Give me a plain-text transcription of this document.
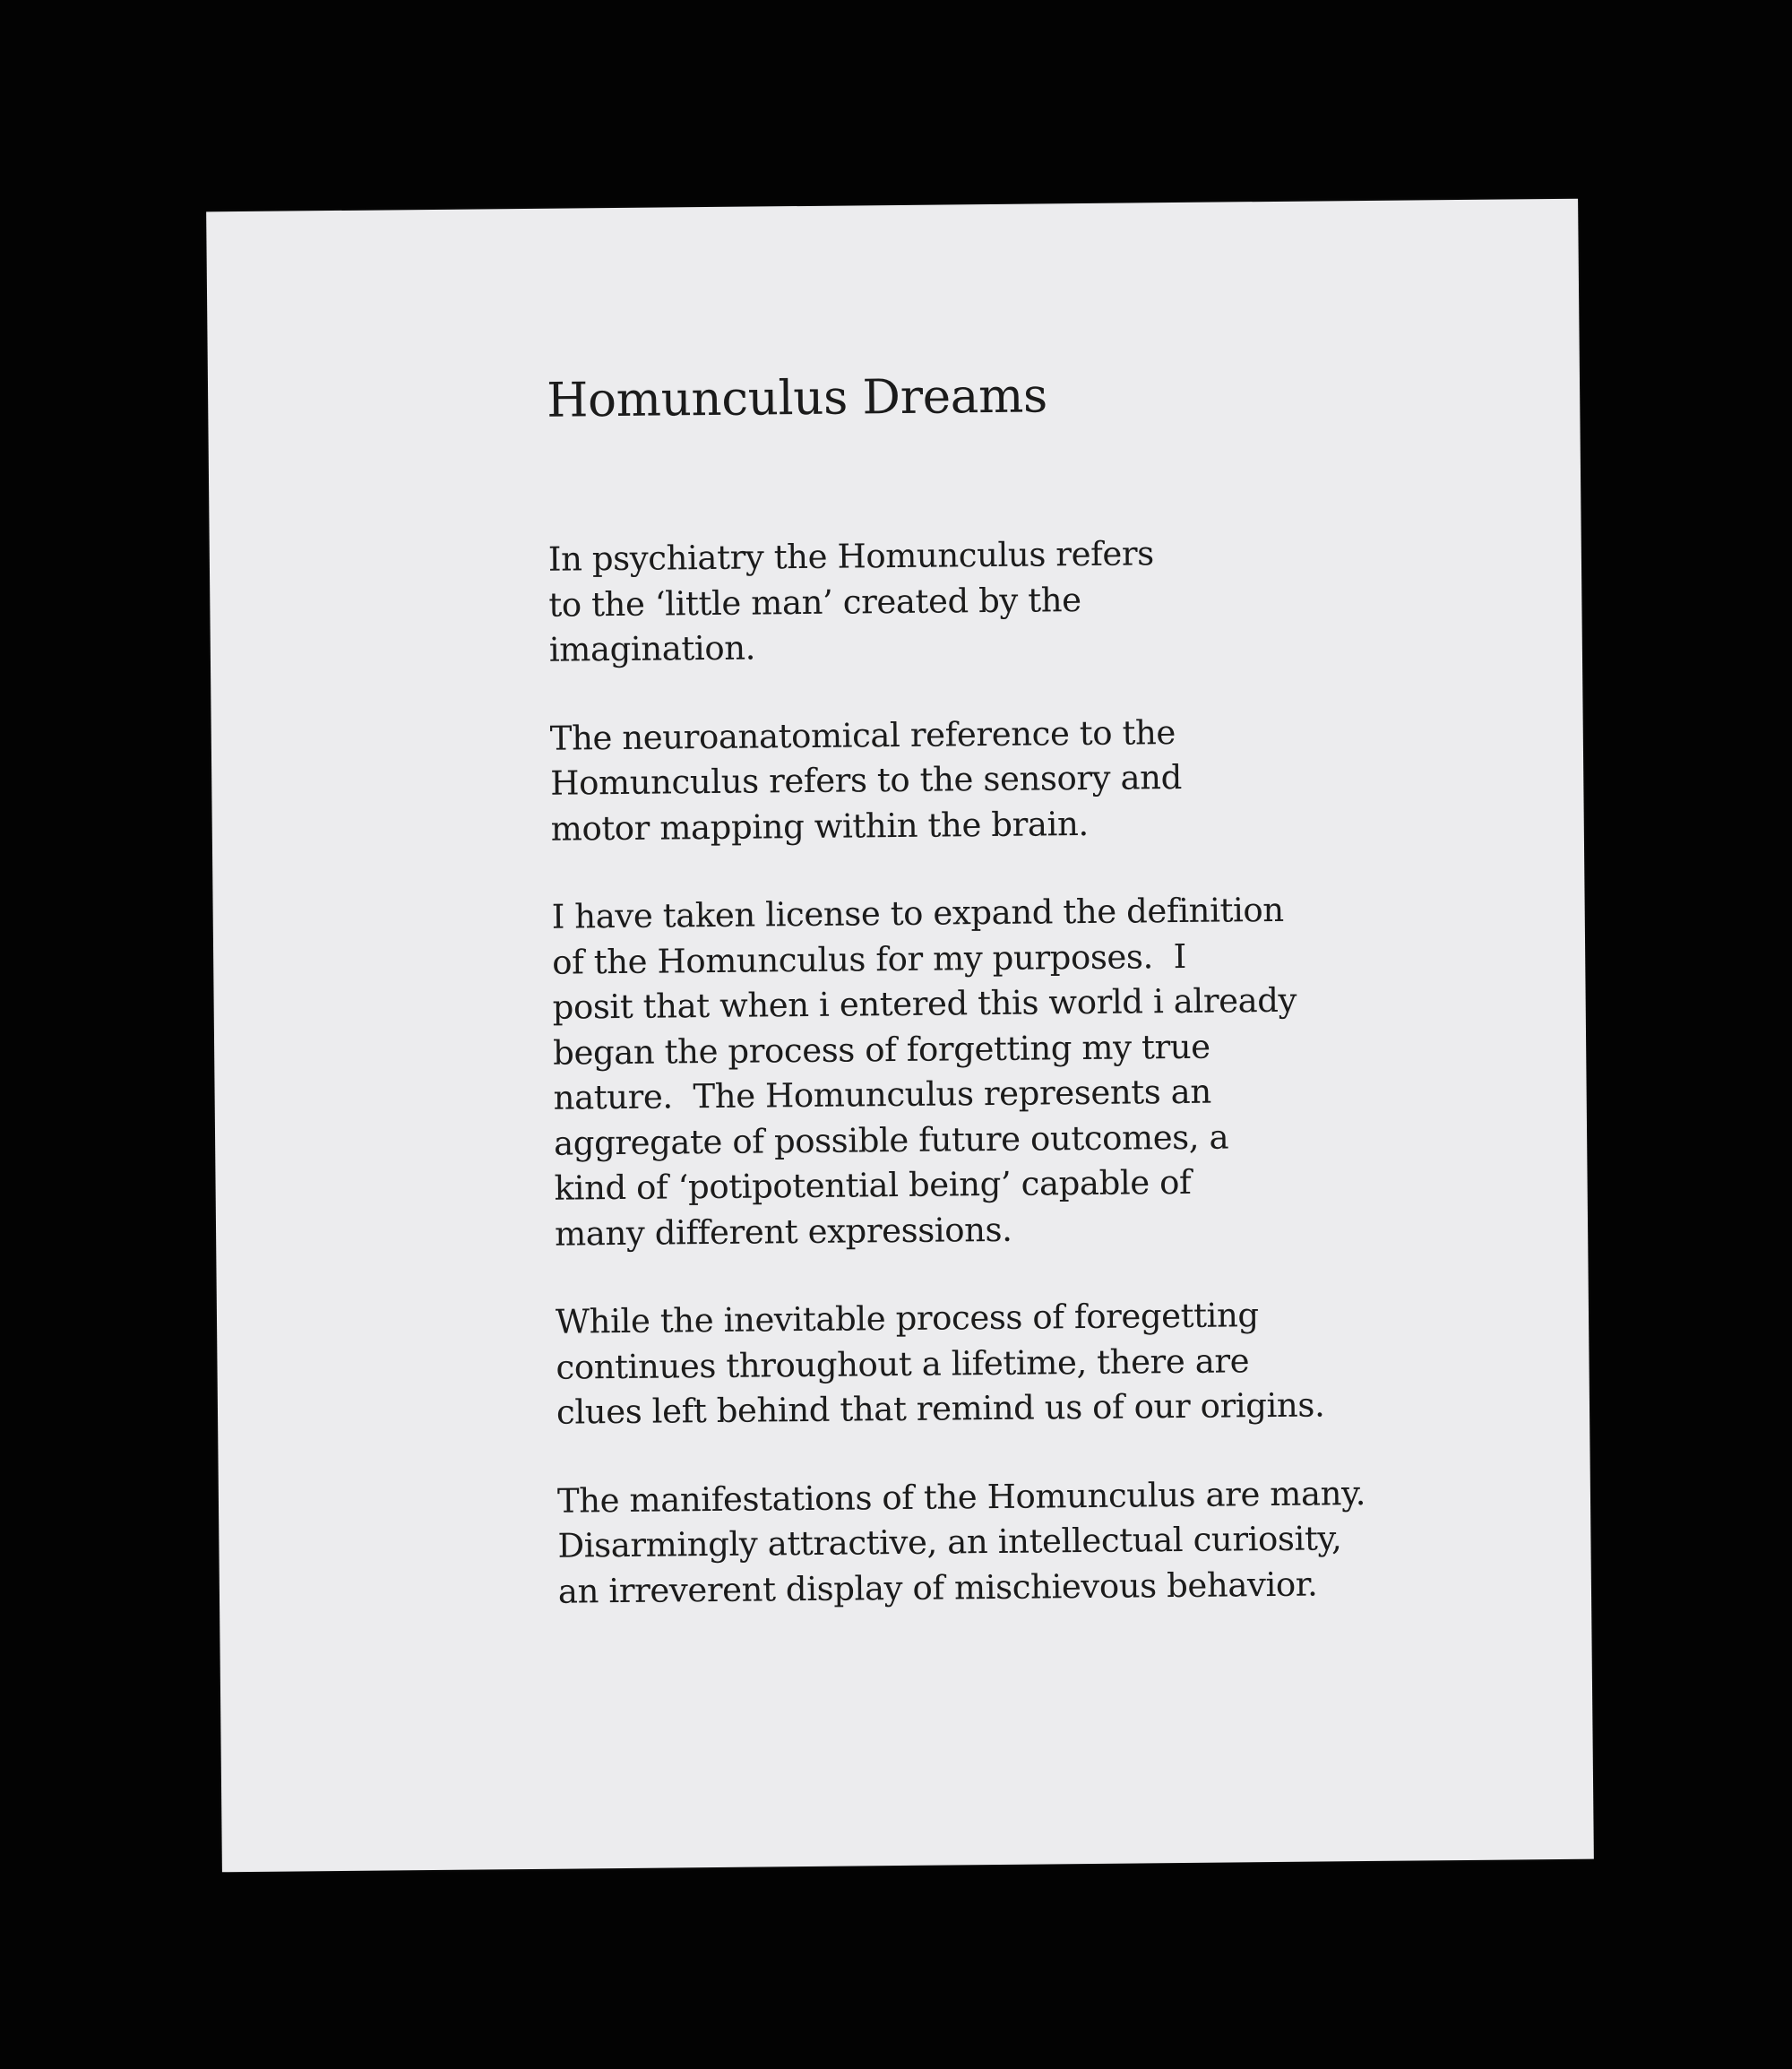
Homunculus Dreams

In psychiatry the Homunculus refers
to the ‘little man’ created by the
imagination.

The neuroanatomical reference to the
Homunculus refers to the sensory and
motor mapping within the brain.

I have taken license to expand the definition
of the Homunculus for my purposes.  I
posit that when i entered this world i already
began the process of forgetting my true
nature.  The Homunculus represents an
aggregate of possible future outcomes, a
kind of ‘potipotential being’ capable of
many different expressions.

While the inevitable process of foregetting
continues throughout a lifetime, there are
clues left behind that remind us of our origins.

The manifestations of the Homunculus are many.
Disarmingly attractive, an intellectual curiosity,
an irreverent display of mischievous behavior.
